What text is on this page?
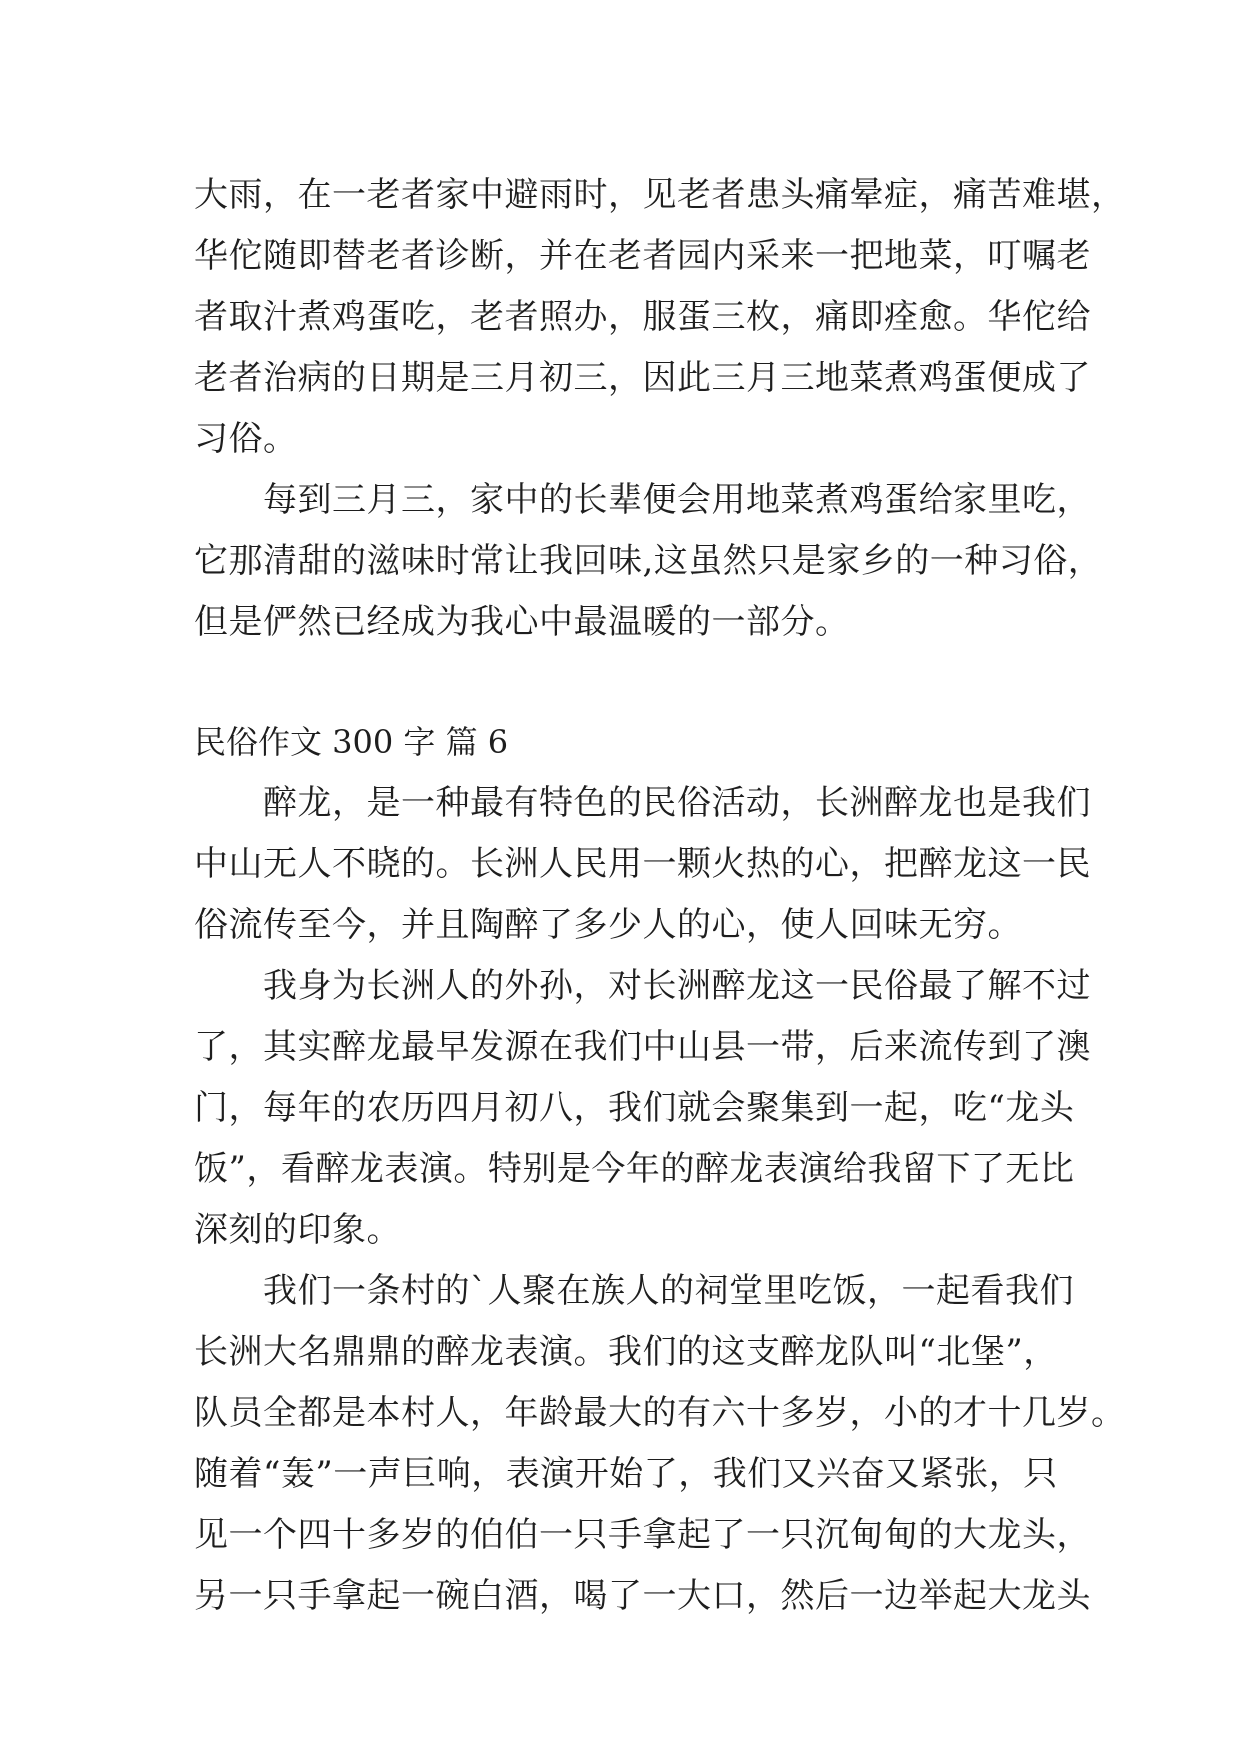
大雨，在一老者家中避雨时，见老者患头痛晕症，痛苦难堪，
华佗随即替老者诊断，并在老者园内采来一把地菜，叮嘱老
者取汁煮鸡蛋吃，老者照办，服蛋三枚，痛即痊愈。华佗给
老者治病的日期是三月初三，因此三月三地菜煮鸡蛋便成了
习俗。
　　每到三月三，家中的长辈便会用地菜煮鸡蛋给家里吃，
它那清甜的滋味时常让我回味,这虽然只是家乡的一种习俗，
但是俨然已经成为我心中最温暖的一部分。
民俗作文 300 字 篇 6
　　醉龙，是一种最有特色的民俗活动，长洲醉龙也是我们
中山无人不晓的。长洲人民用一颗火热的心，把醉龙这一民
俗流传至今，并且陶醉了多少人的心，使人回味无穷。
　　我身为长洲人的外孙，对长洲醉龙这一民俗最了解不过
了，其实醉龙最早发源在我们中山县一带，后来流传到了澳
门，每年的农历四月初八，我们就会聚集到一起，吃“龙头
饭”，看醉龙表演。特别是今年的醉龙表演给我留下了无比
深刻的印象。
　　我们一条村的`人聚在族人的祠堂里吃饭，一起看我们
长洲大名鼎鼎的醉龙表演。我们的这支醉龙队叫“北堡”，
队员全都是本村人，年龄最大的有六十多岁，小的才十几岁。
随着“轰”一声巨响，表演开始了，我们又兴奋又紧张，只
见一个四十多岁的伯伯一只手拿起了一只沉甸甸的大龙头，
另一只手拿起一碗白酒，喝了一大口，然后一边举起大龙头
